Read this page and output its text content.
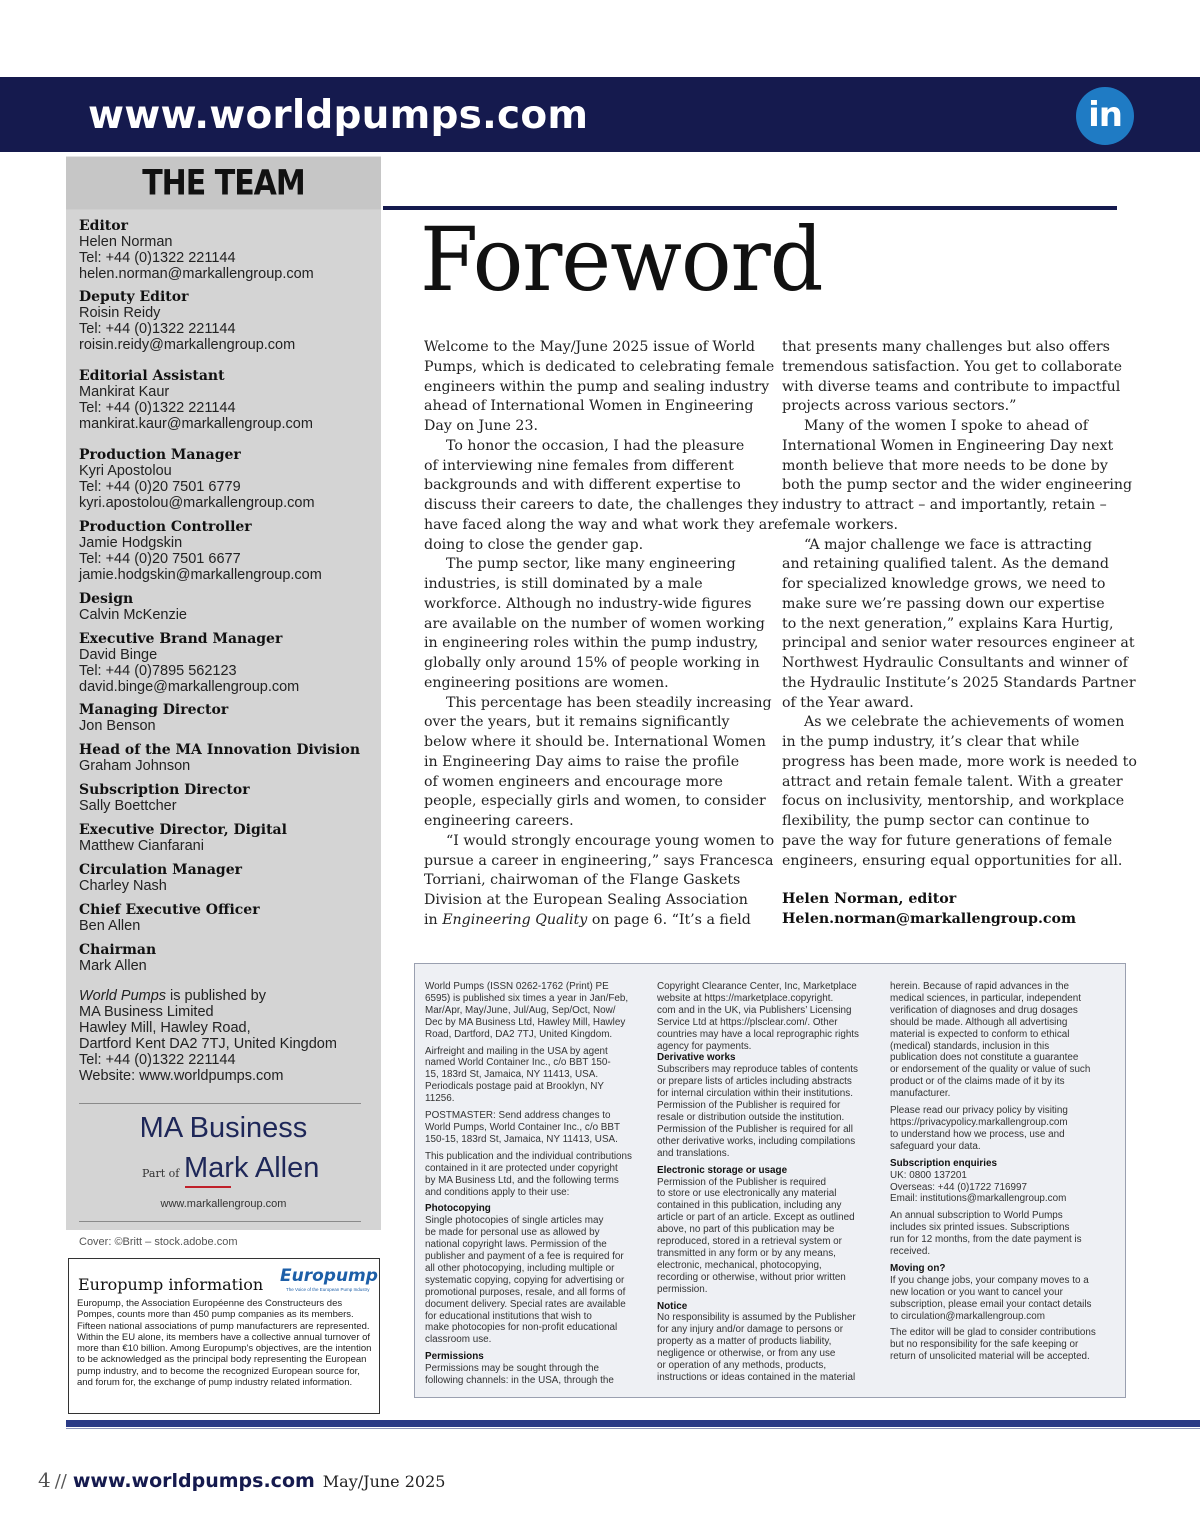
www.worldpumps.com	in
THE TEAM
Editor
Helen Norman
Tel: +44 (0)1322 221144
helen.norman@markallengroup.com
Deputy Editor
Roisin Reidy
Tel: +44 (0)1322 221144
roisin.reidy@markallengroup.com
Editorial Assistant
Mankirat Kaur
Tel: +44 (0)1322 221144
mankirat.kaur@markallengroup.com
Production Manager
Kyri Apostolou
Tel: +44 (0)20 7501 6779
kyri.apostolou@markallengroup.com
Production Controller
Jamie Hodgskin
Tel: +44 (0)20 7501 6677
jamie.hodgskin@markallengroup.com
Design
Calvin McKenzie
Executive Brand Manager
David Binge
Tel: +44 (0)7895 562123
david.binge@markallengroup.com
Managing Director
Jon Benson
Head of the MA Innovation Division
Graham Johnson
Subscription Director
Sally Boettcher
Executive Director, Digital
Matthew Cianfarani
Circulation Manager
Charley Nash
Chief Executive Officer
Ben Allen
Chairman
Mark Allen
World Pumps is published by
MA Business Limited
Hawley Mill, Hawley Road,
Dartford Kent DA2 7TJ, United Kingdom
Tel: +44 (0)1322 221144
Website: www.worldpumps.com
MA Business
Part of Mark Allen
www.markallengroup.com
Cover: ©Britt – stock.adobe.com
Europump information Europump
The Voice of the European Pump Industry
Europump, the Association Européenne des Constructeurs des Pompes, counts more than 450 pump companies as its members. Fifteen national associations of pump manufacturers are represented. Within the EU alone, its members have a collective annual turnover of more than €10 billion. Among Europump's objectives, are the intention to be acknowledged as the principal body representing the European pump industry, and to become the recognized European source for, and forum for, the exchange of pump industry related information.
Foreword
Welcome to the May/June 2025 issue of World
Pumps, which is dedicated to celebrating female
engineers within the pump and sealing industry
ahead of International Women in Engineering
Day on June 23.
To honor the occasion, I had the pleasure
of interviewing nine females from different
backgrounds and with different expertise to
discuss their careers to date, the challenges they
have faced along the way and what work they are
doing to close the gender gap.
The pump sector, like many engineering
industries, is still dominated by a male
workforce. Although no industry-wide figures
are available on the number of women working
in engineering roles within the pump industry,
globally only around 15% of people working in
engineering positions are women.
This percentage has been steadily increasing
over the years, but it remains significantly
below where it should be. International Women
in Engineering Day aims to raise the profile
of women engineers and encourage more
people, especially girls and women, to consider
engineering careers.
“I would strongly encourage young women to
pursue a career in engineering,” says Francesca
Torriani, chairwoman of the Flange Gaskets
Division at the European Sealing Association
in Engineering Quality on page 6. “It’s a field
that presents many challenges but also offers
tremendous satisfaction. You get to collaborate
with diverse teams and contribute to impactful
projects across various sectors.”
Many of the women I spoke to ahead of
International Women in Engineering Day next
month believe that more needs to be done by
both the pump sector and the wider engineering
industry to attract – and importantly, retain –
female workers.
“A major challenge we face is attracting
and retaining qualified talent. As the demand
for specialized knowledge grows, we need to
make sure we’re passing down our expertise
to the next generation,” explains Kara Hurtig,
principal and senior water resources engineer at
Northwest Hydraulic Consultants and winner of
the Hydraulic Institute’s 2025 Standards Partner
of the Year award.
As we celebrate the achievements of women
in the pump industry, it’s clear that while
progress has been made, more work is needed to
attract and retain female talent. With a greater
focus on inclusivity, mentorship, and workplace
flexibility, the pump sector can continue to
pave the way for future generations of female
engineers, ensuring equal opportunities for all.
Helen Norman, editor
Helen.norman@markallengroup.com
World Pumps (ISSN 0262-1762 (Print) PE
6595) is published six times a year in Jan/Feb,
Mar/Apr, May/June, Jul/Aug, Sep/Oct, Now/
Dec by MA Business Ltd, Hawley Mill, Hawley
Road, Dartford, DA2 7TJ, United Kingdom.
Airfreight and mailing in the USA by agent
named World Container Inc., c/o BBT 150-
15, 183rd St, Jamaica, NY 11413, USA.
Periodicals postage paid at Brooklyn, NY
11256.
POSTMASTER: Send address changes to
World Pumps, World Container Inc., c/o BBT
150-15, 183rd St, Jamaica, NY 11413, USA.
This publication and the individual contributions
contained in it are protected under copyright
by MA Business Ltd, and the following terms
and conditions apply to their use:
Photocopying
Single photocopies of single articles may
be made for personal use as allowed by
national copyright laws. Permission of the
publisher and payment of a fee is required for
all other photocopying, including multiple or
systematic copying, copying for advertising or
promotional purposes, resale, and all forms of
document delivery. Special rates are available
for educational institutions that wish to
make photocopies for non-profit educational
classroom use.
Permissions
Permissions may be sought through the
following channels: in the USA, through the
Copyright Clearance Center, Inc, Marketplace
website at https://marketplace.copyright.
com and in the UK, via Publishers’ Licensing
Service Ltd at https://plsclear.com/. Other
countries may have a local reprographic rights
agency for payments.
Derivative works
Subscribers may reproduce tables of contents
or prepare lists of articles including abstracts
for internal circulation within their institutions.
Permission of the Publisher is required for
resale or distribution outside the institution.
Permission of the Publisher is required for all
other derivative works, including compilations
and translations.
Electronic storage or usage
Permission of the Publisher is required
to store or use electronically any material
contained in this publication, including any
article or part of an article. Except as outlined
above, no part of this publication may be
reproduced, stored in a retrieval system or
transmitted in any form or by any means,
electronic, mechanical, photocopying,
recording or otherwise, without prior written
permission.
Notice
No responsibility is assumed by the Publisher
for any injury and/or damage to persons or
property as a matter of products liability,
negligence or otherwise, or from any use
or operation of any methods, products,
instructions or ideas contained in the material
herein. Because of rapid advances in the
medical sciences, in particular, independent
verification of diagnoses and drug dosages
should be made. Although all advertising
material is expected to conform to ethical
(medical) standards, inclusion in this
publication does not constitute a guarantee
or endorsement of the quality or value of such
product or of the claims made of it by its
manufacturer.
Please read our privacy policy by visiting
https://privacypolicy.markallengroup.com
to understand how we process, use and
safeguard your data.
Subscription enquiries
UK: 0800 137201
Overseas: +44 (0)1722 716997
Email: institutions@markallengroup.com
An annual subscription to World Pumps
includes six printed issues. Subscriptions
run for 12 months, from the date payment is
received.
Moving on?
If you change jobs, your company moves to a
new location or you want to cancel your
subscription, please email your contact details
to circulation@markallengroup.com
The editor will be glad to consider contributions
but no responsibility for the safe keeping or
return of unsolicited material will be accepted.
4 // www.worldpumps.com May/June 2025
